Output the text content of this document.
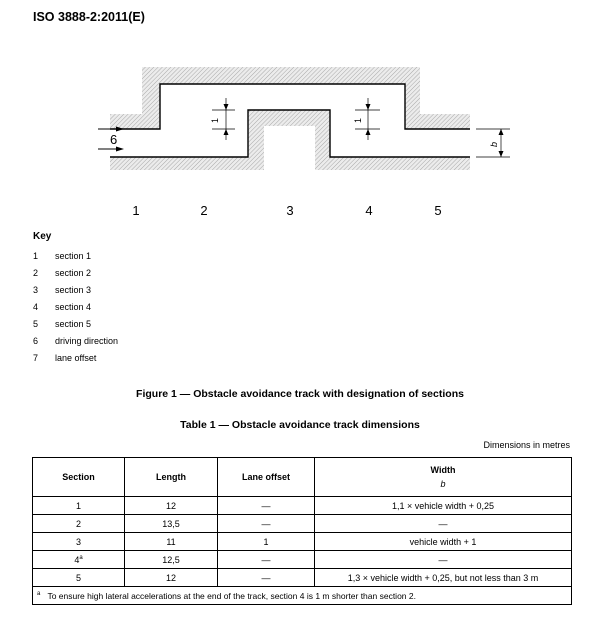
ISO 3888-2:2011(E)
6
1	1
b
1	2	3	4	5
Key
1	section 1
2	section 2
3	section 3
4	section 4
5	section 5
6	driving direction
7	lane offset
Figure 1 — Obstacle avoidance track with designation of sections
Table 1 — Obstacle avoidance track dimensions
Dimensions in metres
Section	Length	Lane offset	Width
b

1	12	—	1,1 × vehicle width + 0,25
2	13,5	—	—
3	11	1	vehicle width + 1
4$^a$	12,5	—	—
5	12	—	1,3 × vehicle width + 0,25, but not less than 3 m
$^a$ To ensure high lateral accelerations at the end of the track, section 4 is 1 m shorter than section 2.			
